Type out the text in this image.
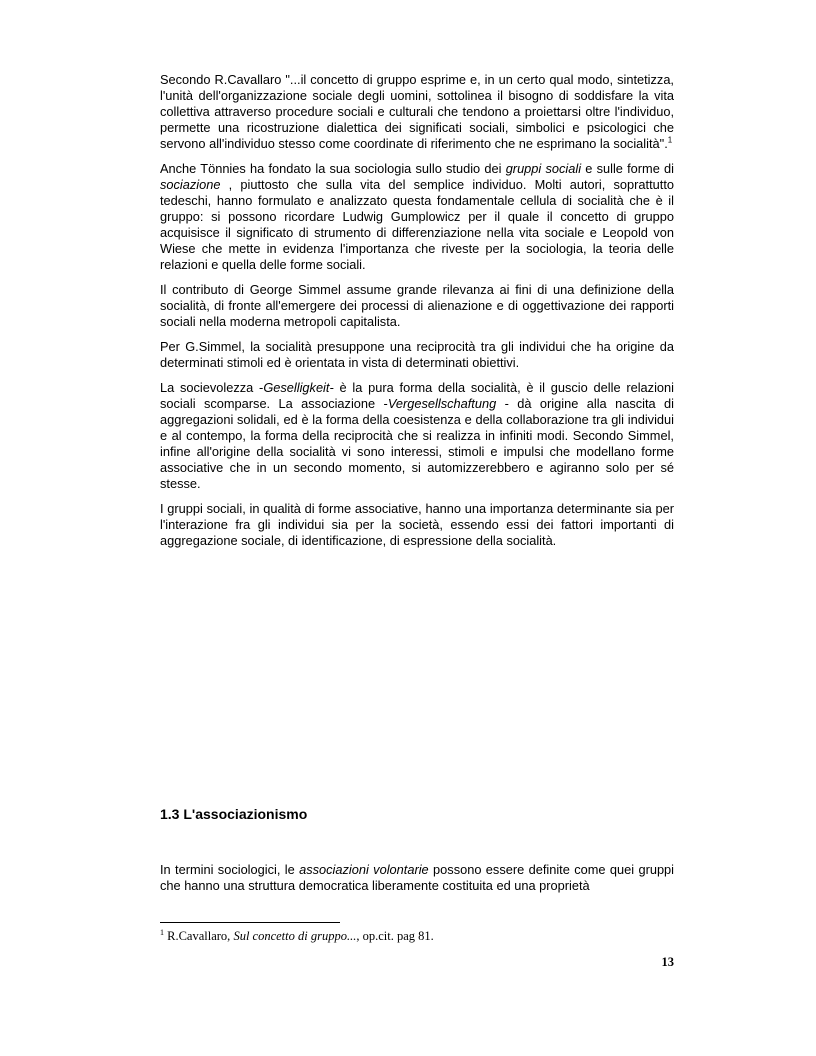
Secondo R.Cavallaro "...il concetto di gruppo esprime e, in un certo qual modo, sintetizza, l'unità dell'organizzazione sociale degli uomini, sottolinea il bisogno di soddisfare la vita collettiva attraverso procedure sociali e culturali che tendono a proiettarsi oltre l'individuo, permette una ricostruzione dialettica dei significati sociali, simbolici e psicologici che servono all'individuo stesso come coordinate di riferimento che ne esprimano la socialità".$^1$

Anche Tönnies ha fondato la sua sociologia sullo studio dei gruppi sociali e sulle forme di sociazione , piuttosto che sulla vita del semplice individuo. Molti autori, soprattutto tedeschi, hanno formulato e analizzato questa fondamentale cellula di socialità che è il gruppo: si possono ricordare Ludwig Gumplowicz per il quale il concetto di gruppo acquisisce il significato di strumento di differenziazione nella vita sociale e Leopold von Wiese che mette in evidenza l'importanza che riveste per la sociologia, la teoria delle relazioni e quella delle forme sociali.

Il contributo di George Simmel assume grande rilevanza ai fini di una definizione della socialità, di fronte all'emergere dei processi di alienazione e di oggettivazione dei rapporti sociali nella moderna metropoli capitalista.

Per G.Simmel, la socialità presuppone una reciprocità tra gli individui che ha origine da determinati stimoli ed è orientata in vista di determinati obiettivi.

La socievolezza -Geselligkeit- è la pura forma della socialità, è il guscio delle relazioni sociali scomparse. La associazione -Vergesellschaftung - dà origine alla nascita di aggregazioni solidali, ed è la forma della coesistenza e della collaborazione tra gli individui e al contempo, la forma della reciprocità che si realizza in infiniti modi. Secondo Simmel, infine all'origine della socialità vi sono interessi, stimoli e impulsi che modellano forme associative che in un secondo momento, si automizzerebbero e agiranno solo per sé stesse.

I gruppi sociali, in qualità di forme associative, hanno una importanza determinante sia per l'interazione fra gli individui sia per la società, essendo essi dei fattori importanti di aggregazione sociale, di identificazione, di espressione della socialità.

1.3 L'associazionismo

In termini sociologici, le associazioni volontarie possono essere definite come quei gruppi che hanno una struttura democratica liberamente costituita ed una proprietà

$^1$ R.Cavallaro, Sul concetto di gruppo..., op.cit. pag 81.
13
